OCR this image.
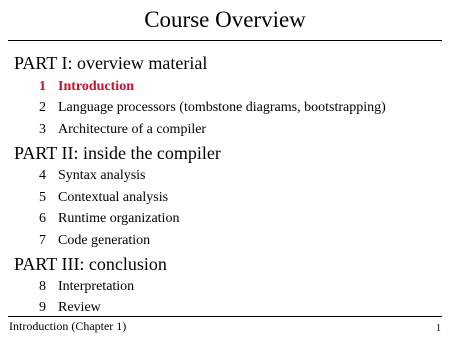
Course Overview
PART I: overview material
1 Introduction
2 Language processors (tombstone diagrams, bootstrapping)
3 Architecture of a compiler
PART II: inside the compiler
4 Syntax analysis
5 Contextual analysis
6 Runtime organization
7 Code generation
PART III: conclusion
8 Interpretation
9 Review
Introduction (Chapter 1)	1
